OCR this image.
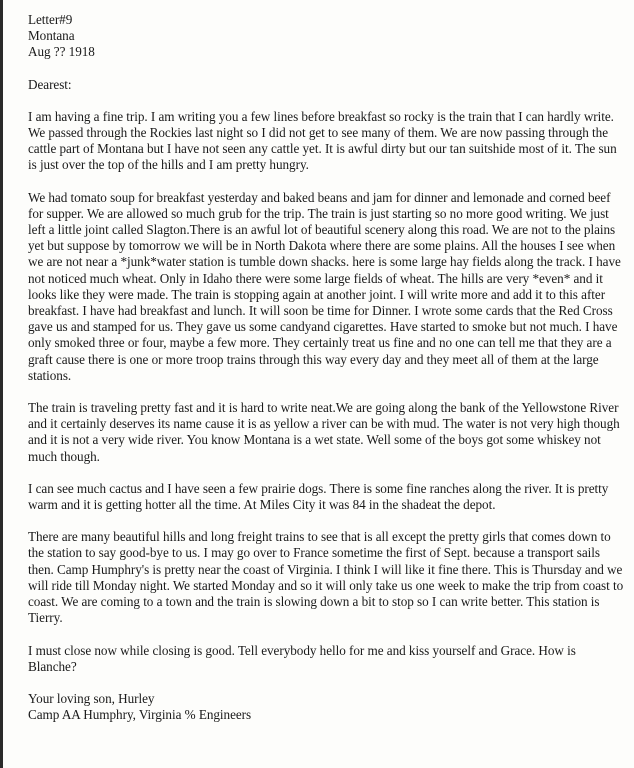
Letter#9

Montana

Aug ?? 1918

Dearest:

I am having a fine trip. I am writing you a few lines before breakfast so rocky is the train that I can hardly write. We passed through the Rockies last night so I did not get to see many of them. We are now passing through the cattle part of Montana but I have not seen any cattle yet. It is awful dirty but our tan suitshide most of it. The sun is just over the top of the hills and I am pretty hungry.

We had tomato soup for breakfast yesterday and baked beans and jam for dinner and lemonade and corned beef for supper. We are allowed so much grub for the trip. The train is just starting so no more good writing. We just left a little joint called Slagton.There is an awful lot of beautiful scenery along this road. We are not to the plains yet but suppose by tomorrow we will be in North Dakota where there are some plains. All the houses I see when we are not near a *junk*water station is tumble down shacks. here is some large hay fields along the track. I have not noticed much wheat. Only in Idaho there were some large fields of wheat. The hills are very *even* and it looks like they were made. The train is stopping again at another joint. I will write more and add it to this after breakfast. I have had breakfast and lunch. It will soon be time for Dinner. I wrote some cards that the Red Cross gave us and stamped for us. They gave us some candyand cigarettes. Have started to smoke but not much. I have only smoked three or four, maybe a few more. They certainly treat us fine and no one can tell me that they are a graft cause there is one or more troop trains through this way every day and they meet all of them at the large stations.

The train is traveling pretty fast and it is hard to write neat.We are going along the bank of the Yellowstone River and it certainly deserves its name cause it is as yellow a river can be with mud. The water is not very high though and it is not a very wide river. You know Montana is a wet state. Well some of the boys got some whiskey not much though.

I can see much cactus and I have seen a few prairie dogs. There is some fine ranches along the river. It is pretty warm and it is getting hotter all the time. At Miles City it was 84 in the shadeat the depot.

There are many beautiful hills and long freight trains to see that is all except the pretty girls that comes down to the station to say good-bye to us. I may go over to France sometime the first of Sept. because a transport sails then. Camp Humphry's is pretty near the coast of Virginia. I think I will like it fine there. This is Thursday and we will ride till Monday night. We started Monday and so it will only take us one week to make the trip from coast to coast. We are coming to a town and the train is slowing down a bit to stop so I can write better. This station is Tierry.

I must close now while closing is good. Tell everybody hello for me and kiss yourself and Grace. How is Blanche?

Your loving son, Hurley

Camp AA Humphry, Virginia % Engineers
